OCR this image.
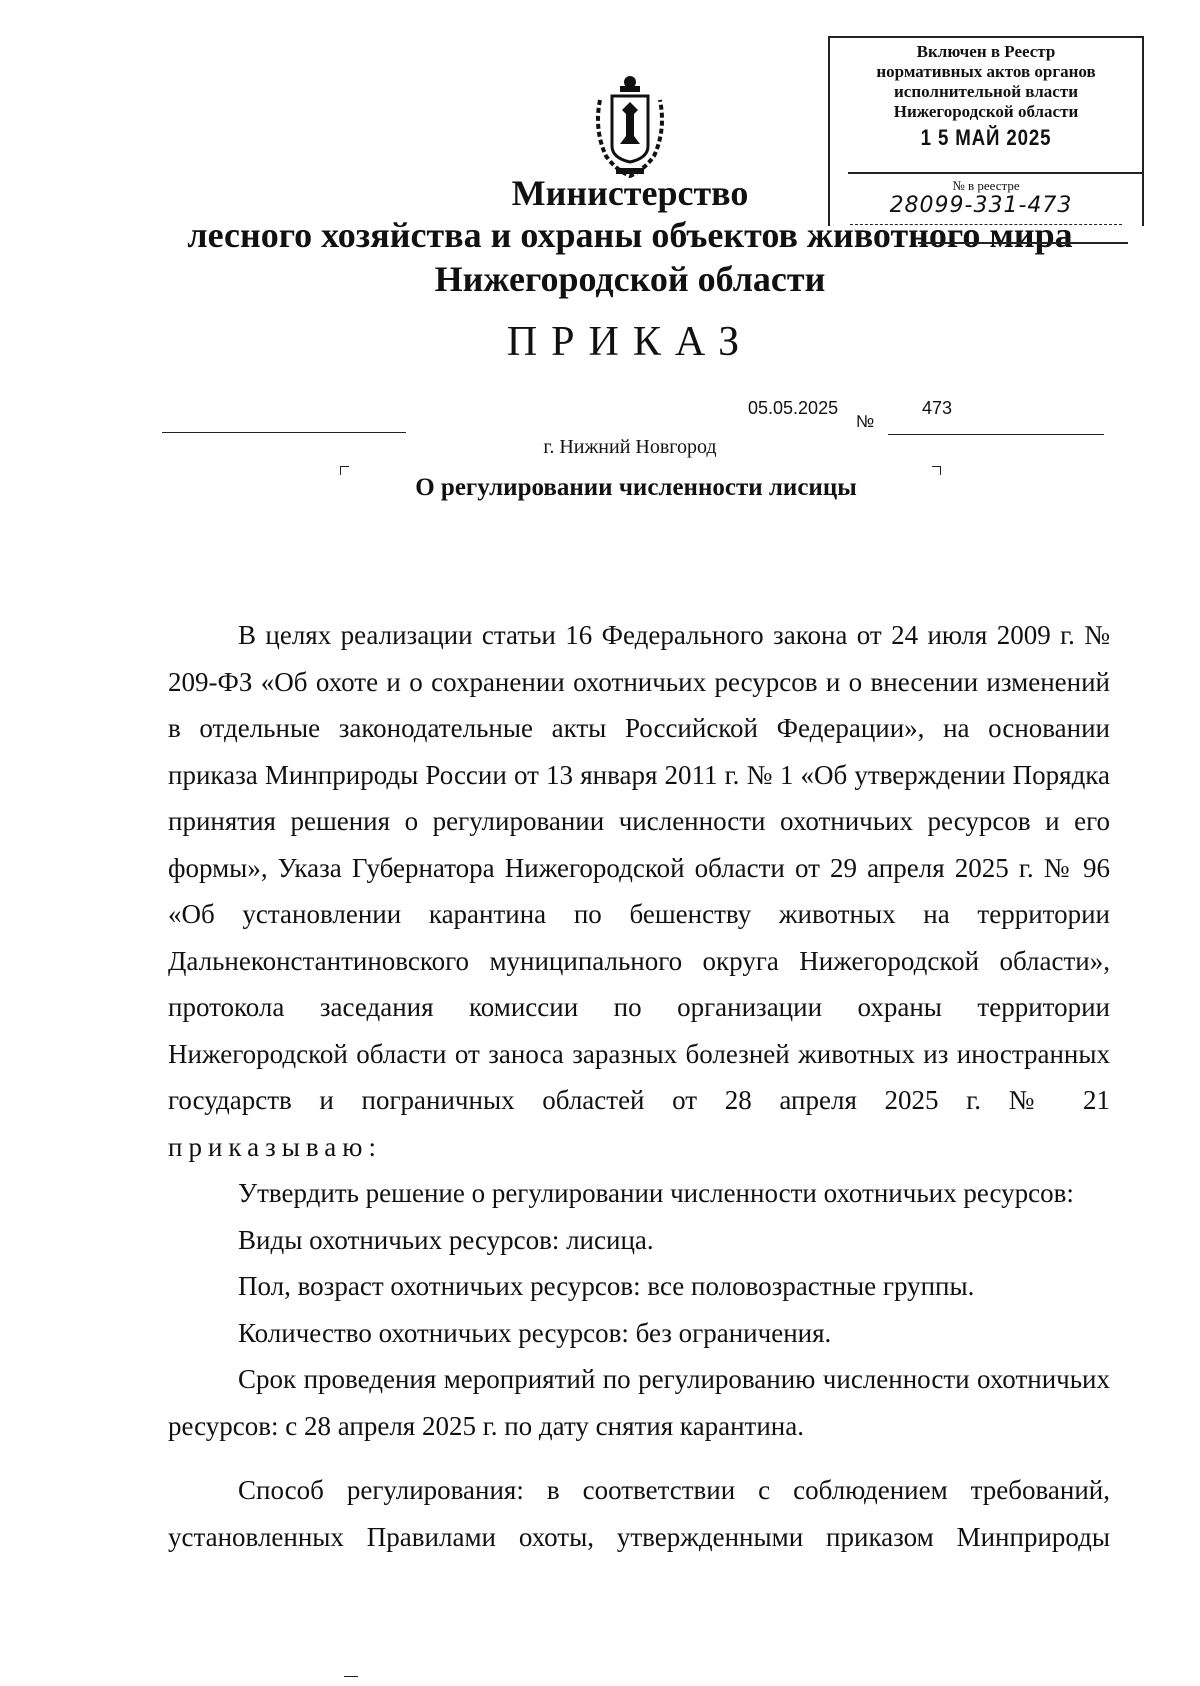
Включен в Реестр
нормативных актов органов
исполнительной власти
Нижегородской области
1 5 МАЙ 2025
№ в реестре
28099-331-473
Министерство
лесного хозяйства и охраны объектов животного мира
Нижегородской области
ПРИКАЗ
05.05.2025
№
473
г. Нижний Новгород
О регулировании численности лисицы

В целях реализации статьи 16 Федерального закона от 24 июля 2009 г. № 209-ФЗ «Об охоте и о сохранении охотничьих ресурсов и о внесении изменений в отдельные законодательные акты Российской Федерации», на основании приказа Минприроды России от 13 января 2011 г. № 1 «Об утверждении Порядка принятия решения о регулировании численности охотничьих ресурсов и его формы», Указа Губернатора Нижегородской области от 29 апреля 2025 г. № 96 «Об установлении карантина по бешенству животных на территории Дальнеконстантиновского муниципального округа Нижегородской области», протокола заседания комиссии по организации охраны территории Нижегородской области от заноса заразных болезней животных из иностранных государств и пограничных областей от 28 апреля 2025 г. № 21

приказываю:

Утвердить решение о регулировании численности охотничьих ресурсов:

Виды охотничьих ресурсов: лисица.

Пол, возраст охотничьих ресурсов: все половозрастные группы.

Количество охотничьих ресурсов: без ограничения.

Срок проведения мероприятий по регулированию численности охотничьих ресурсов: с 28 апреля 2025 г. по дату снятия карантина.

Способ регулирования: в соответствии с соблюдением требований, установленных Правилами охоты, утвержденными приказом Минприроды
